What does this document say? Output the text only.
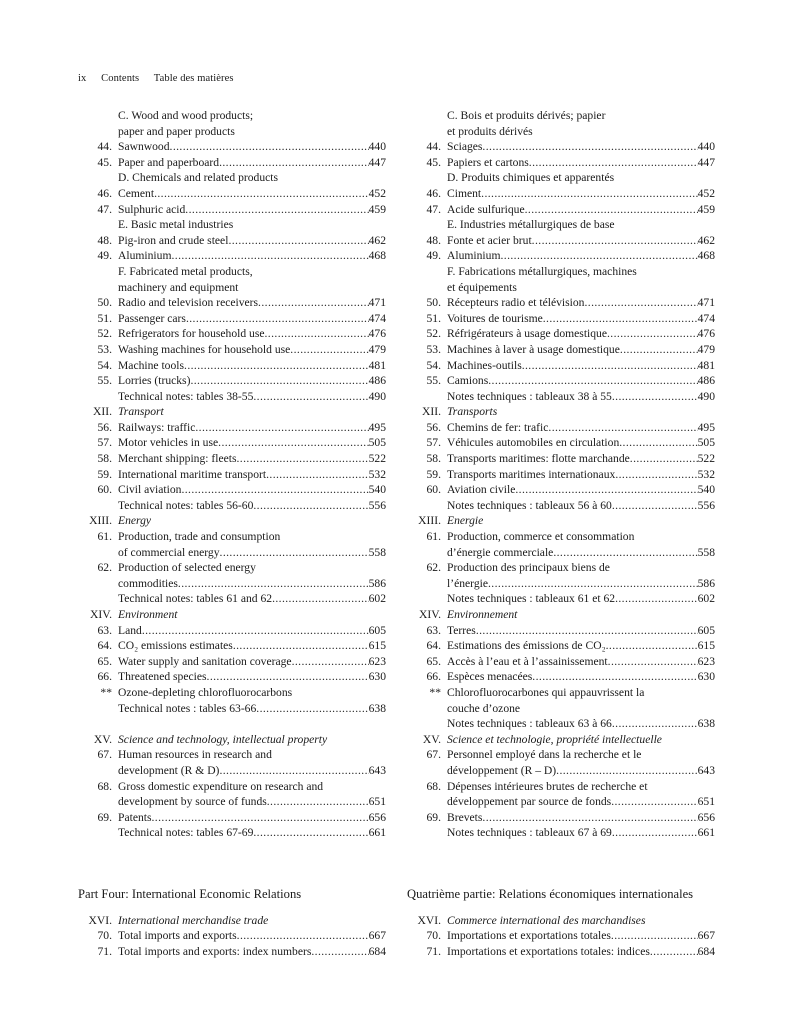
ix Contents Table des matières
C. Wood and wood products;
paper and paper products
44. Sawnwood .....	440
45. Paper and paperboard .....	447
D. Chemicals and related products
46. Cement .....	452
47. Sulphuric acid .....	459
E. Basic metal industries
48. Pig-iron and crude steel .....	462
49. Aluminium .....	468
F. Fabricated metal products,
machinery and equipment
50. Radio and television receivers .....	471
51. Passenger cars .....	474
52. Refrigerators for household use .....	476
53. Washing machines for household use .....	479
54. Machine tools .....	481
55. Lorries (trucks) .....	486
Technical notes: tables 38-55 .....	490
XII. Transport
56. Railways: traffic .....	495
57. Motor vehicles in use .....	505
58. Merchant shipping: fleets .....	522
59. International maritime transport .....	532
60. Civil aviation .....	540
Technical notes: tables 56-60 .....	556
XIII. Energy
61. Production, trade and consumption
of commercial energy .....	558
62. Production of selected energy
commodities .....	586
Technical notes: tables 61 and 62 .....	602
XIV. Environment
63. Land .....	605
64. CO₂ emissions estimates .....	615
65. Water supply and sanitation coverage .....	623
66. Threatened species .....	630
** Ozone-depleting chlorofluorocarbons
Technical notes : tables 63-66 .....	638
XV. Science and technology, intellectual property
67. Human resources in research and
development (R & D) .....	643
68. Gross domestic expenditure on research and
development by source of funds .....	651
69. Patents .....	656
Technical notes: tables 67-69 .....	661
Part Four: International Economic Relations
XVI. International merchandise trade
70. Total imports and exports .....	667
71. Total imports and exports: index numbers .....	684
C. Bois et produits dérivés; papier
et produits dérivés
44. Sciages .....	440
45. Papiers et cartons .....	447
D. Produits chimiques et apparentés
46. Ciment .....	452
47. Acide sulfurique .....	459
E. Industries métallurgiques de base
48. Fonte et acier brut .....	462
49. Aluminium .....	468
F. Fabrications métallurgiques, machines
et équipements
50. Récepteurs radio et télévision .....	471
51. Voitures de tourisme .....	474
52. Réfrigérateurs à usage domestique .....	476
53. Machines à laver à usage domestique .....	479
54. Machines-outils .....	481
55. Camions .....	486
Notes techniques : tableaux 38 à 55 .....	490
XII. Transports
56. Chemins de fer: trafic .....	495
57. Véhicules automobiles en circulation .....	505
58. Transports maritimes: flotte marchande .....	522
59. Transports maritimes internationaux .....	532
60. Aviation civile .....	540
Notes techniques : tableaux 56 à 60 .....	556
XIII. Energie
61. Production, commerce et consommation
d’énergie commerciale .....	558
62. Production des principaux biens de
l’énergie .....	586
Notes techniques : tableaux 61 et 62 .....	602
XIV. Environnement
63. Terres .....	605
64. Estimations des émissions de CO₂ .....	615
65. Accès à l’eau et à l’assainissement .....	623
66. Espèces menacées .....	630
** Chlorofluorocarbones qui appauvrissent la
couche d’ozone
Notes techniques : tableaux 63 à 66 .....	638
XV. Science et technologie, propriété intellectuelle
67. Personnel employé dans la recherche et le
développement (R – D) .....	643
68. Dépenses intérieures brutes de recherche et
développement par source de fonds .....	651
69. Brevets .....	656
Notes techniques : tableaux 67 à 69 .....	661
Quatrième partie: Relations économiques internationales
XVI. Commerce international des marchandises
70. Importations et exportations totales .....	667
71. Importations et exportations totales: indices .....	684
